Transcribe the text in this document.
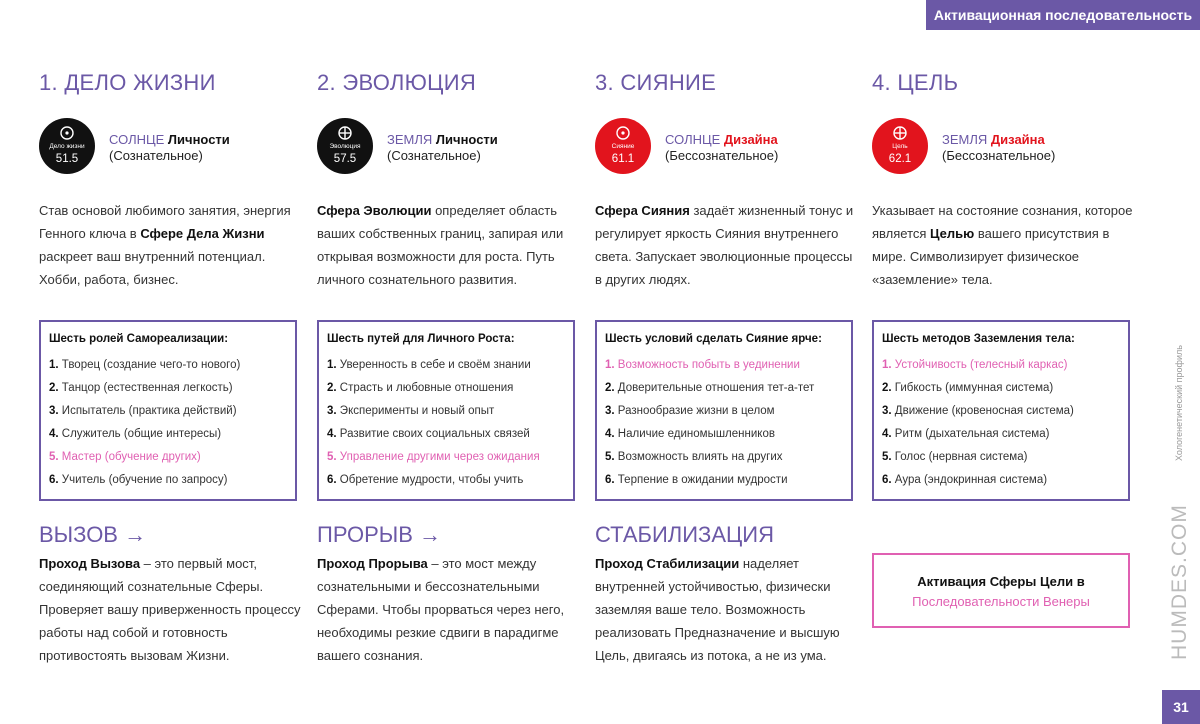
Активационная последовательность
1. ДЕЛО ЖИЗНИ
Дело жизни
51.5
СОЛНЦЕ Личности
(Сознательное)
Став основой любимого занятия, энергия Генного ключа в Сфере Дела Жизни раскреет ваш внутренний потенциал. Хобби, работа, бизнес.
Шесть ролей Самореализации:
1. Творец (создание чего-то нового)
2. Танцор (естественная легкость)
3. Испытатель (практика действий)
4. Служитель (общие интересы)
5. Мастер (обучение других)
6. Учитель (обучение по запросу)
ВЫЗОВ →
Проход Вызова – это первый мост, соединяющий сознательные Сферы. Проверяет вашу приверженность процессу работы над собой и готовность противостоять вызовам Жизни.
2. ЭВОЛЮЦИЯ
Эволюция
57.5
ЗЕМЛЯ Личности
(Сознательное)
Сфера Эволюции определяет область ваших собственных границ, запирая или открывая возможности для роста. Путь личного сознательного развития.
Шесть путей для Личного Роста:
1. Уверенность в себе и своём знании
2. Страсть и любовные отношения
3. Эксперименты и новый опыт
4. Развитие своих социальных связей
5. Управление другими через ожидания
6. Обретение мудрости, чтобы учить
ПРОРЫВ →
Проход Прорыва – это мост между сознательными и бессознательными Сферами. Чтобы прорваться через него, необходимы резкие сдвиги в парадигме вашего сознания.
3. СИЯНИЕ
Сияние
61.1
СОЛНЦЕ Дизайна
(Бессознательное)
Сфера Сияния задаёт жизненный тонус и регулирует яркость Сияния внутреннего света. Запускает эволюционные процессы в других людях.
Шесть условий сделать Сияние ярче:
1. Возможность побыть в уединении
2. Доверительные отношения тет-а-тет
3. Разнообразие жизни в целом
4. Наличие единомышленников
5. Возможность влиять на других
6. Терпение в ожидании мудрости
СТАБИЛИЗАЦИЯ
Проход Стабилизации наделяет внутренней устойчивостью, физически заземляя ваше тело. Возможность реализовать Предназначение и высшую Цель, двигаясь из потока, а не из ума.
4. ЦЕЛЬ
Цель
62.1
ЗЕМЛЯ Дизайна
(Бессознательное)
Указывает на состояние сознания, которое является Целью вашего присутствия в мире. Символизирует физическое «заземление» тела.
Шесть методов Заземления тела:
1. Устойчивость (телесный каркас)
2. Гибкость (иммунная система)
3. Движение (кровеносная система)
4. Ритм (дыхательная система)
5. Голос (нервная система)
6. Аура (эндокринная система)
Активация Сферы Цели в
Последовательности Венеры
Хологенетический профиль
HUMDES.COM
31
